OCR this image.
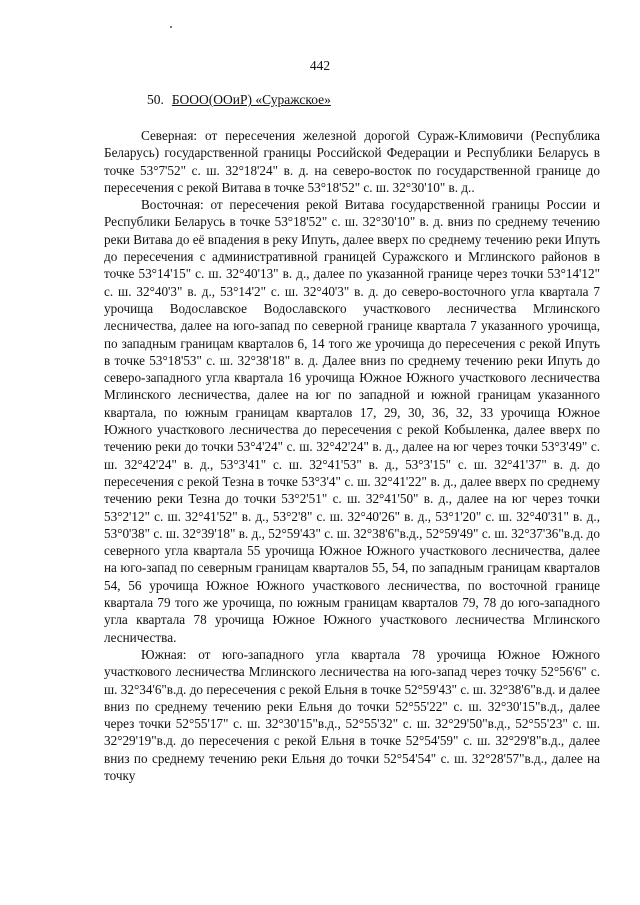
442
50. БООО(ООиР) «Суражское»

Северная: от пересечения железной дорогой Сураж-Климовичи (Республика Беларусь) государственной границы Российской Федерации и Республики Беларусь в точке 53°7'52" с. ш. 32°18'24" в. д. на северо-восток по государственной границе до пересечения с рекой Витава в точке 53°18'52" с. ш. 32°30'10" в. д..

Восточная: от пересечения рекой Витава государственной границы России и Республики Беларусь в точке 53°18'52" с. ш. 32°30'10" в. д. вниз по среднему течению реки Витава до её впадения в реку Ипуть, далее вверх по среднему течению реки Ипуть до пересечения с административной границей Суражского и Мглинского районов в точке 53°14'15" с. ш. 32°40'13" в. д., далее по указанной границе через точки 53°14'12" с. ш. 32°40'3" в. д., 53°14'2" с. ш. 32°40'3" в. д. до северо-восточного угла квартала 7 урочища Водославское Водославского участкового лесничества Мглинского лесничества, далее на юго-запад по северной границе квартала 7 указанного урочища, по западным границам кварталов 6, 14 того же урочища до пересечения с рекой Ипуть в точке 53°18'53" с. ш. 32°38'18" в. д. Далее вниз по среднему течению реки Ипуть до северо-западного угла квартала 16 урочища Южное Южного участкового лесничества Мглинского лесничества, далее на юг по западной и южной границам указанного квартала, по южным границам кварталов 17, 29, 30, 36, 32, 33 урочища Южное Южного участкового лесничества до пересечения с рекой Кобыленка, далее вверх по течению реки до точки 53°4'24" с. ш. 32°42'24" в. д., далее на юг через точки 53°3'49" с. ш. 32°42'24" в. д., 53°3'41" с. ш. 32°41'53" в. д., 53°3'15" с. ш. 32°41'37" в. д. до пересечения с рекой Тезна в точке 53°3'4" с. ш. 32°41'22" в. д., далее вверх по среднему течению реки Тезна до точки 53°2'51" с. ш. 32°41'50" в. д., далее на юг через точки 53°2'12" с. ш. 32°41'52" в. д., 53°2'8" с. ш. 32°40'26" в. д., 53°1'20" с. ш. 32°40'31" в. д., 53°0'38" с. ш. 32°39'18" в. д., 52°59'43" с. ш. 32°38'6"в.д., 52°59'49" с. ш. 32°37'36"в.д. до северного угла квартала 55 урочища Южное Южного участкового лесничества, далее на юго-запад по северным границам кварталов 55, 54, по западным границам кварталов 54, 56 урочища Южное Южного участкового лесничества, по восточной границе квартала 79 того же урочища, по южным границам кварталов 79, 78 до юго-западного угла квартала 78 урочища Южное Южного участкового лесничества Мглинского лесничества.

Южная: от юго-западного угла квартала 78 урочища Южное Южного участкового лесничества Мглинского лесничества на юго-запад через точку 52°56'6" с. ш. 32°34'6"в.д. до пересечения с рекой Ельня в точке 52°59'43" с. ш. 32°38'6"в.д. и далее вниз по среднему течению реки Ельня до точки 52°55'22" с. ш. 32°30'15"в.д., далее через точки 52°55'17" с. ш. 32°30'15"в.д., 52°55'32" с. ш. 32°29'50"в.д., 52°55'23" с. ш. 32°29'19"в.д. до пересечения с рекой Ельня в точке 52°54'59" с. ш. 32°29'8"в.д., далее вниз по среднему течению реки Ельня до точки 52°54'54" с. ш. 32°28'57"в.д., далее на точку
